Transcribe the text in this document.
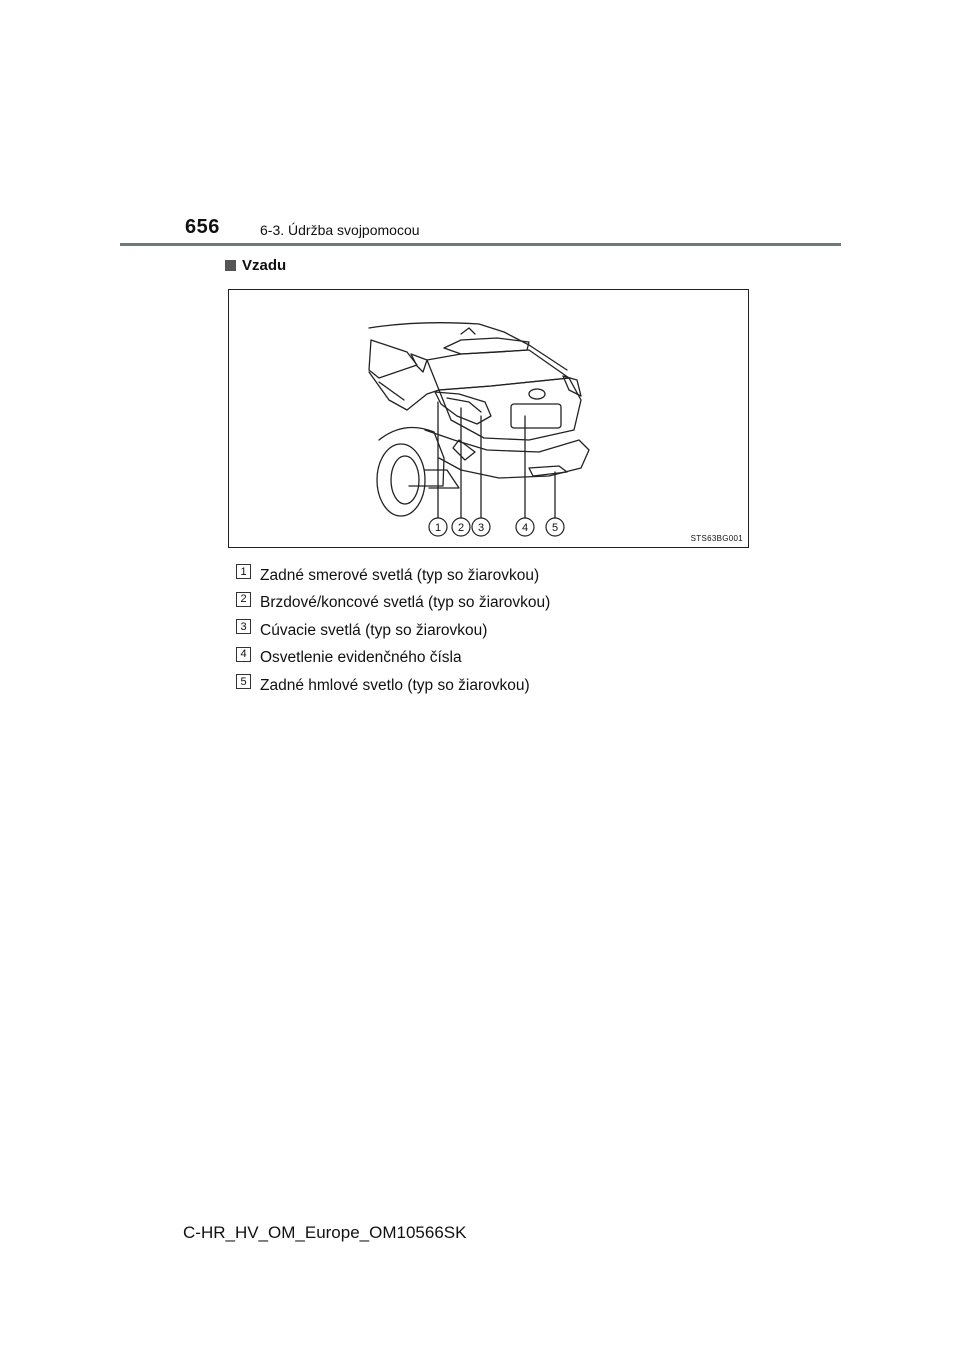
656	6-3. Údržba svojpomocou
Vzadu
1 2 3	4 5
STS63BG001
1 Zadné smerové svetlá (typ so žiarovkou)
2 Brzdové/koncové svetlá (typ so žiarovkou)
3 Cúvacie svetlá (typ so žiarovkou)
4 Osvetlenie evidenčného čísla
5 Zadné hmlové svetlo (typ so žiarovkou)
C-HR_HV_OM_Europe_OM10566SK
